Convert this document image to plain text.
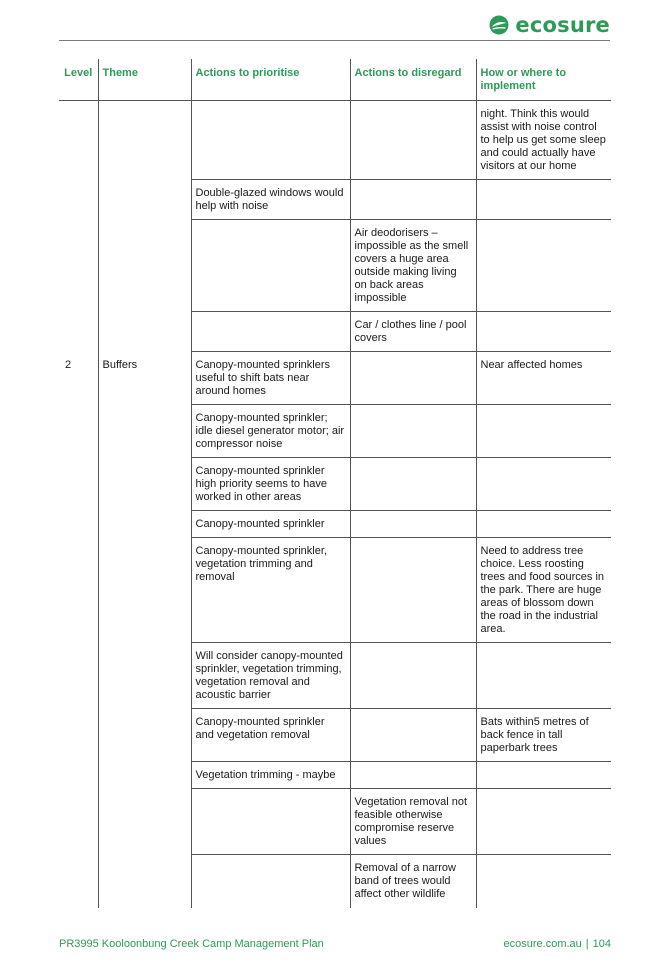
ecosure
Level	Theme	Actions to prioritise	Actions to disregard	How or where to implement
				night. Think this would assist with noise control to help us get some sleep and could actually have visitors at our home
		Double-glazed windows would help with noise		
			Air deodorisers – impossible as the smell covers a huge area outside making living on back areas impossible	
			Car / clothes line / pool covers	
2	Buffers	Canopy-mounted sprinklers useful to shift bats near around homes		Near affected homes
		Canopy-mounted sprinkler; idle diesel generator motor; air compressor noise		
		Canopy-mounted sprinkler high priority seems to have worked in other areas		
		Canopy-mounted sprinkler		
		Canopy-mounted sprinkler, vegetation trimming and removal		Need to address tree choice. Less roosting trees and food sources in the park. There are huge areas of blossom down the road in the industrial area.
		Will consider canopy-mounted sprinkler, vegetation trimming, vegetation removal and acoustic barrier		
		Canopy-mounted sprinkler and vegetation removal		Bats within5 metres of back fence in tall paperbark trees
		Vegetation trimming - maybe		
			Vegetation removal not feasible otherwise compromise reserve values	
			Removal of a narrow band of trees would affect other wildlife	
PR3995 Kooloonbung Creek Camp Management Plan	ecosure.com.au | 104
